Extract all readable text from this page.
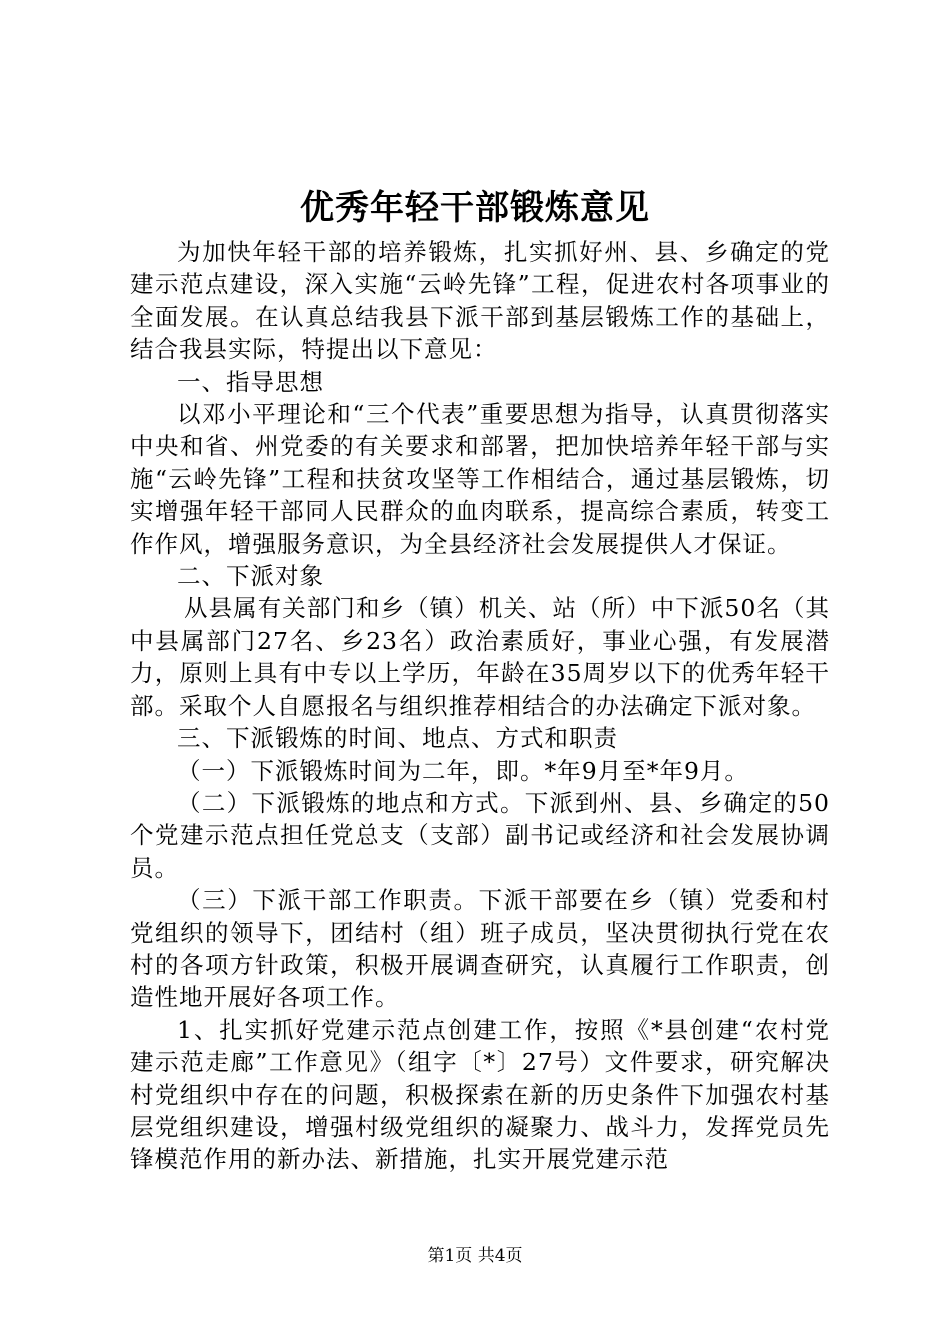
优秀年轻干部锻炼意见

为加快年轻干部的培养锻炼，扎实抓好州、县、乡确定的党建示范点建设，深入实施“云岭先锋”工程，促进农村各项事业的全面发展。在认真总结我县下派干部到基层锻炼工作的基础上，结合我县实际，特提出以下意见：

一、指导思想

以邓小平理论和“三个代表”重要思想为指导，认真贯彻落实中央和省、州党委的有关要求和部署，把加快培养年轻干部与实施“云岭先锋”工程和扶贫攻坚等工作相结合，通过基层锻炼，切实增强年轻干部同人民群众的血肉联系，提高综合素质，转变工作作风，增强服务意识，为全县经济社会发展提供人才保证。

二、下派对象

从县属有关部门和乡（镇）机关、站（所）中下派50名（其中县属部门27名、乡23名）政治素质好，事业心强，有发展潜力，原则上具有中专以上学历，年龄在35周岁以下的优秀年轻干部。采取个人自愿报名与组织推荐相结合的办法确定下派对象。

三、下派锻炼的时间、地点、方式和职责

（一）下派锻炼时间为二年，即。*年9月至*年9月。

（二）下派锻炼的地点和方式。下派到州、县、乡确定的50个党建示范点担任党总支（支部）副书记或经济和社会发展协调员。

（三）下派干部工作职责。下派干部要在乡（镇）党委和村党组织的领导下，团结村（组）班子成员，坚决贯彻执行党在农村的各项方针政策，积极开展调查研究，认真履行工作职责，创造性地开展好各项工作。

1、扎实抓好党建示范点创建工作，按照《*县创建“农村党建示范走廊”工作意见》（组字〔*〕27号）文件要求，研究解决村党组织中存在的问题，积极探索在新的历史条件下加强农村基层党组织建设，增强村级党组织的凝聚力、战斗力，发挥党员先锋模范作用的新办法、新措施，扎实开展党建示范

第1页 共4页
